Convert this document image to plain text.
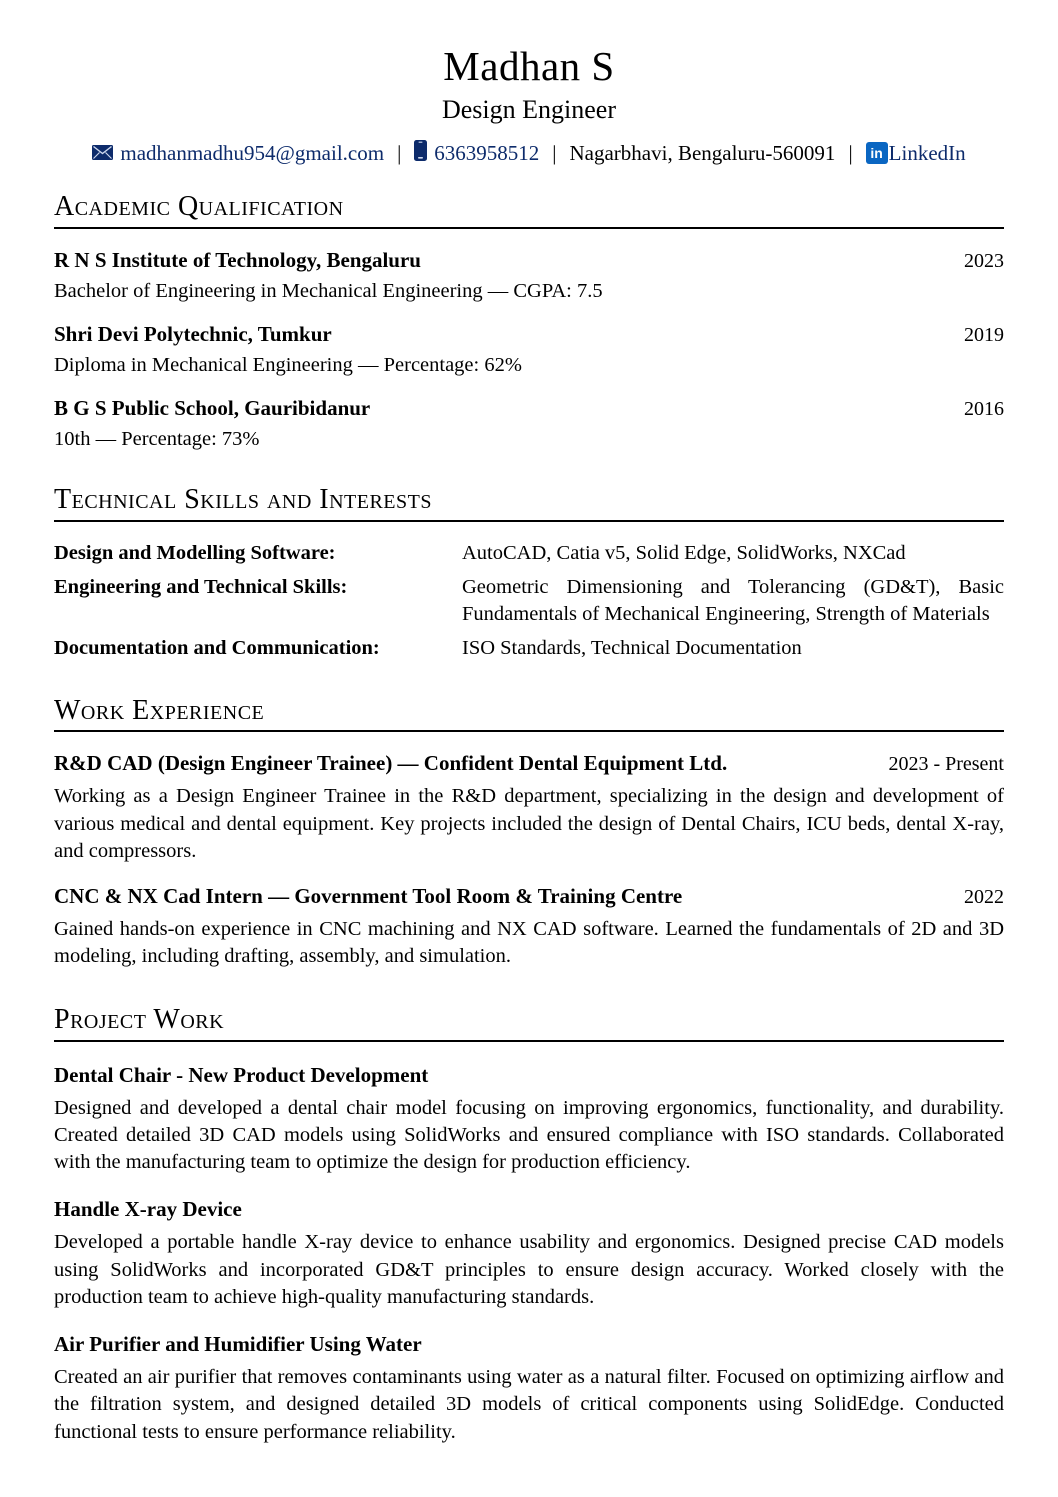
Madhan S
Design Engineer
madhanmadhu954@gmail.com | 6363958512 | Nagarbhavi, Bengaluru-560091 |	in LinkedIn
Academic Qualification
R N S Institute of Technology, Bengaluru	2023
Bachelor of Engineering in Mechanical Engineering — CGPA: 7.5
Shri Devi Polytechnic, Tumkur	2019
Diploma in Mechanical Engineering — Percentage: 62%
B G S Public School, Gauribidanur	2016
10th — Percentage: 73%
Technical Skills and Interests
Design and Modelling Software:	AutoCAD, Catia v5, Solid Edge, SolidWorks, NXCad
Engineering and Technical Skills:	Geometric Dimensioning and Tolerancing (GD&T), Basic Fundamentals of Mechanical Engineering, Strength of Materials
Documentation and Communication:	ISO Standards, Technical Documentation
Work Experience
R&D CAD (Design Engineer Trainee) — Confident Dental Equipment Ltd.	2023 - Present
Working as a Design Engineer Trainee in the R&D department, specializing in the design and development of various medical and dental equipment. Key projects included the design of Dental Chairs, ICU beds, dental X-ray, and compressors.
CNC & NX Cad Intern — Government Tool Room & Training Centre	2022
Gained hands-on experience in CNC machining and NX CAD software. Learned the fundamentals of 2D and 3D modeling, including drafting, assembly, and simulation.
Project Work
Dental Chair - New Product Development
Designed and developed a dental chair model focusing on improving ergonomics, functionality, and durability. Created detailed 3D CAD models using SolidWorks and ensured compliance with ISO standards. Collaborated with the manufacturing team to optimize the design for production efficiency.
Handle X-ray Device
Developed a portable handle X-ray device to enhance usability and ergonomics. Designed precise CAD models using SolidWorks and incorporated GD&T principles to ensure design accuracy. Worked closely with the production team to achieve high-quality manufacturing standards.
Air Purifier and Humidifier Using Water
Created an air purifier that removes contaminants using water as a natural filter. Focused on optimizing airflow and the filtration system, and designed detailed 3D models of critical components using SolidEdge. Conducted functional tests to ensure performance reliability.
